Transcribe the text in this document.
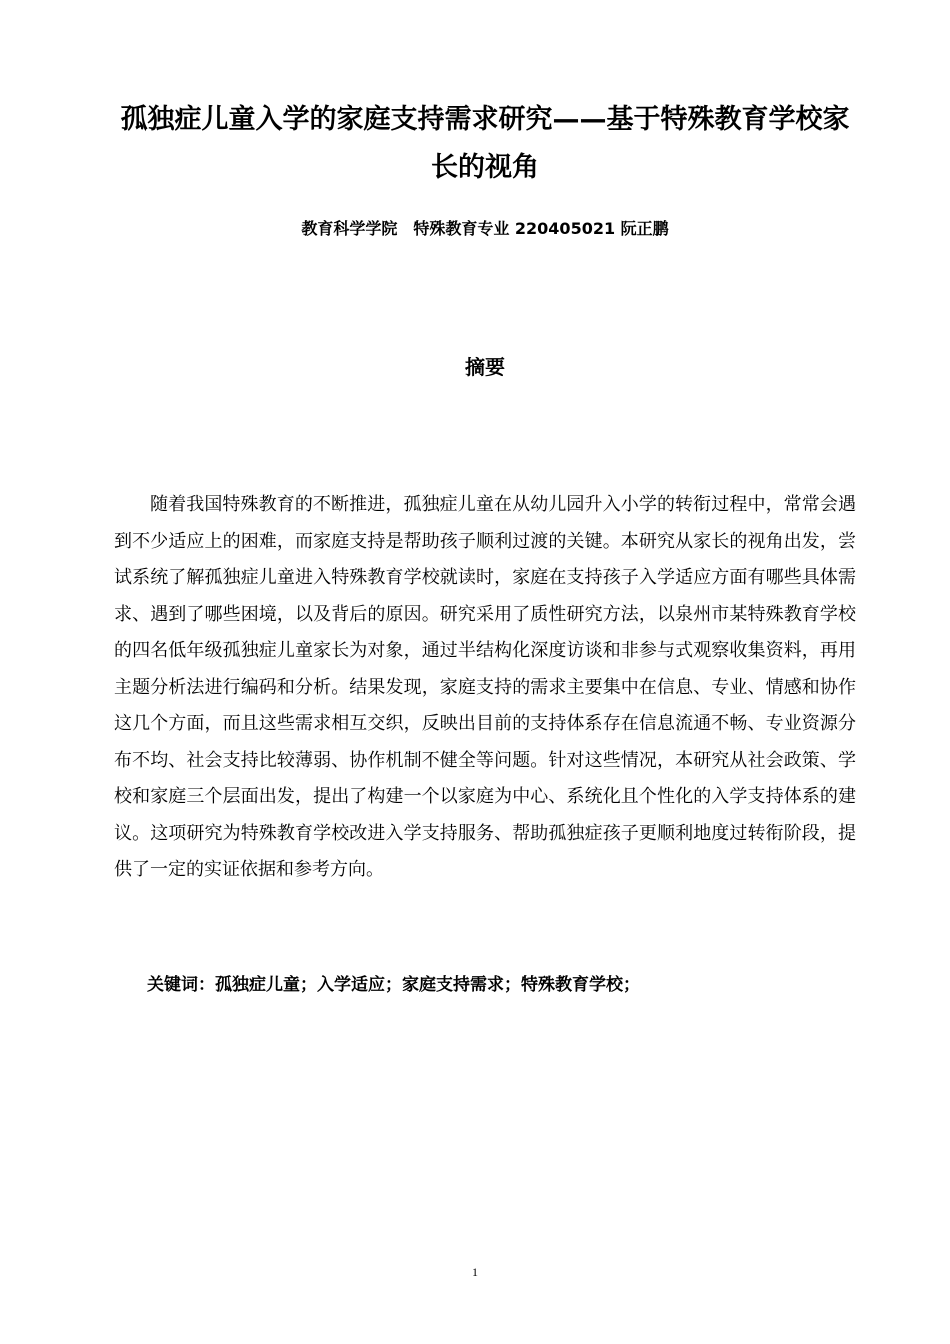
孤独症儿童入学的家庭支持需求研究——基于特殊教育学校家长的视角

教育科学学院　特殊教育专业 220405021 阮正鹏

摘要

随着我国特殊教育的不断推进，孤独症儿童在从幼儿园升入小学的转衔过程中，常常会遇到不少适应上的困难，而家庭支持是帮助孩子顺利过渡的关键。本研究从家长的视角出发，尝试系统了解孤独症儿童进入特殊教育学校就读时，家庭在支持孩子入学适应方面有哪些具体需求、遇到了哪些困境，以及背后的原因。研究采用了质性研究方法，以泉州市某特殊教育学校的四名低年级孤独症儿童家长为对象，通过半结构化深度访谈和非参与式观察收集资料，再用主题分析法进行编码和分析。结果发现，家庭支持的需求主要集中在信息、专业、情感和协作这几个方面，而且这些需求相互交织，反映出目前的支持体系存在信息流通不畅、专业资源分布不均、社会支持比较薄弱、协作机制不健全等问题。针对这些情况，本研究从社会政策、学校和家庭三个层面出发，提出了构建一个以家庭为中心、系统化且个性化的入学支持体系的建议。这项研究为特殊教育学校改进入学支持服务、帮助孤独症孩子更顺利地度过转衔阶段，提供了一定的实证依据和参考方向。

关键词：孤独症儿童；入学适应；家庭支持需求；特殊教育学校；

1
